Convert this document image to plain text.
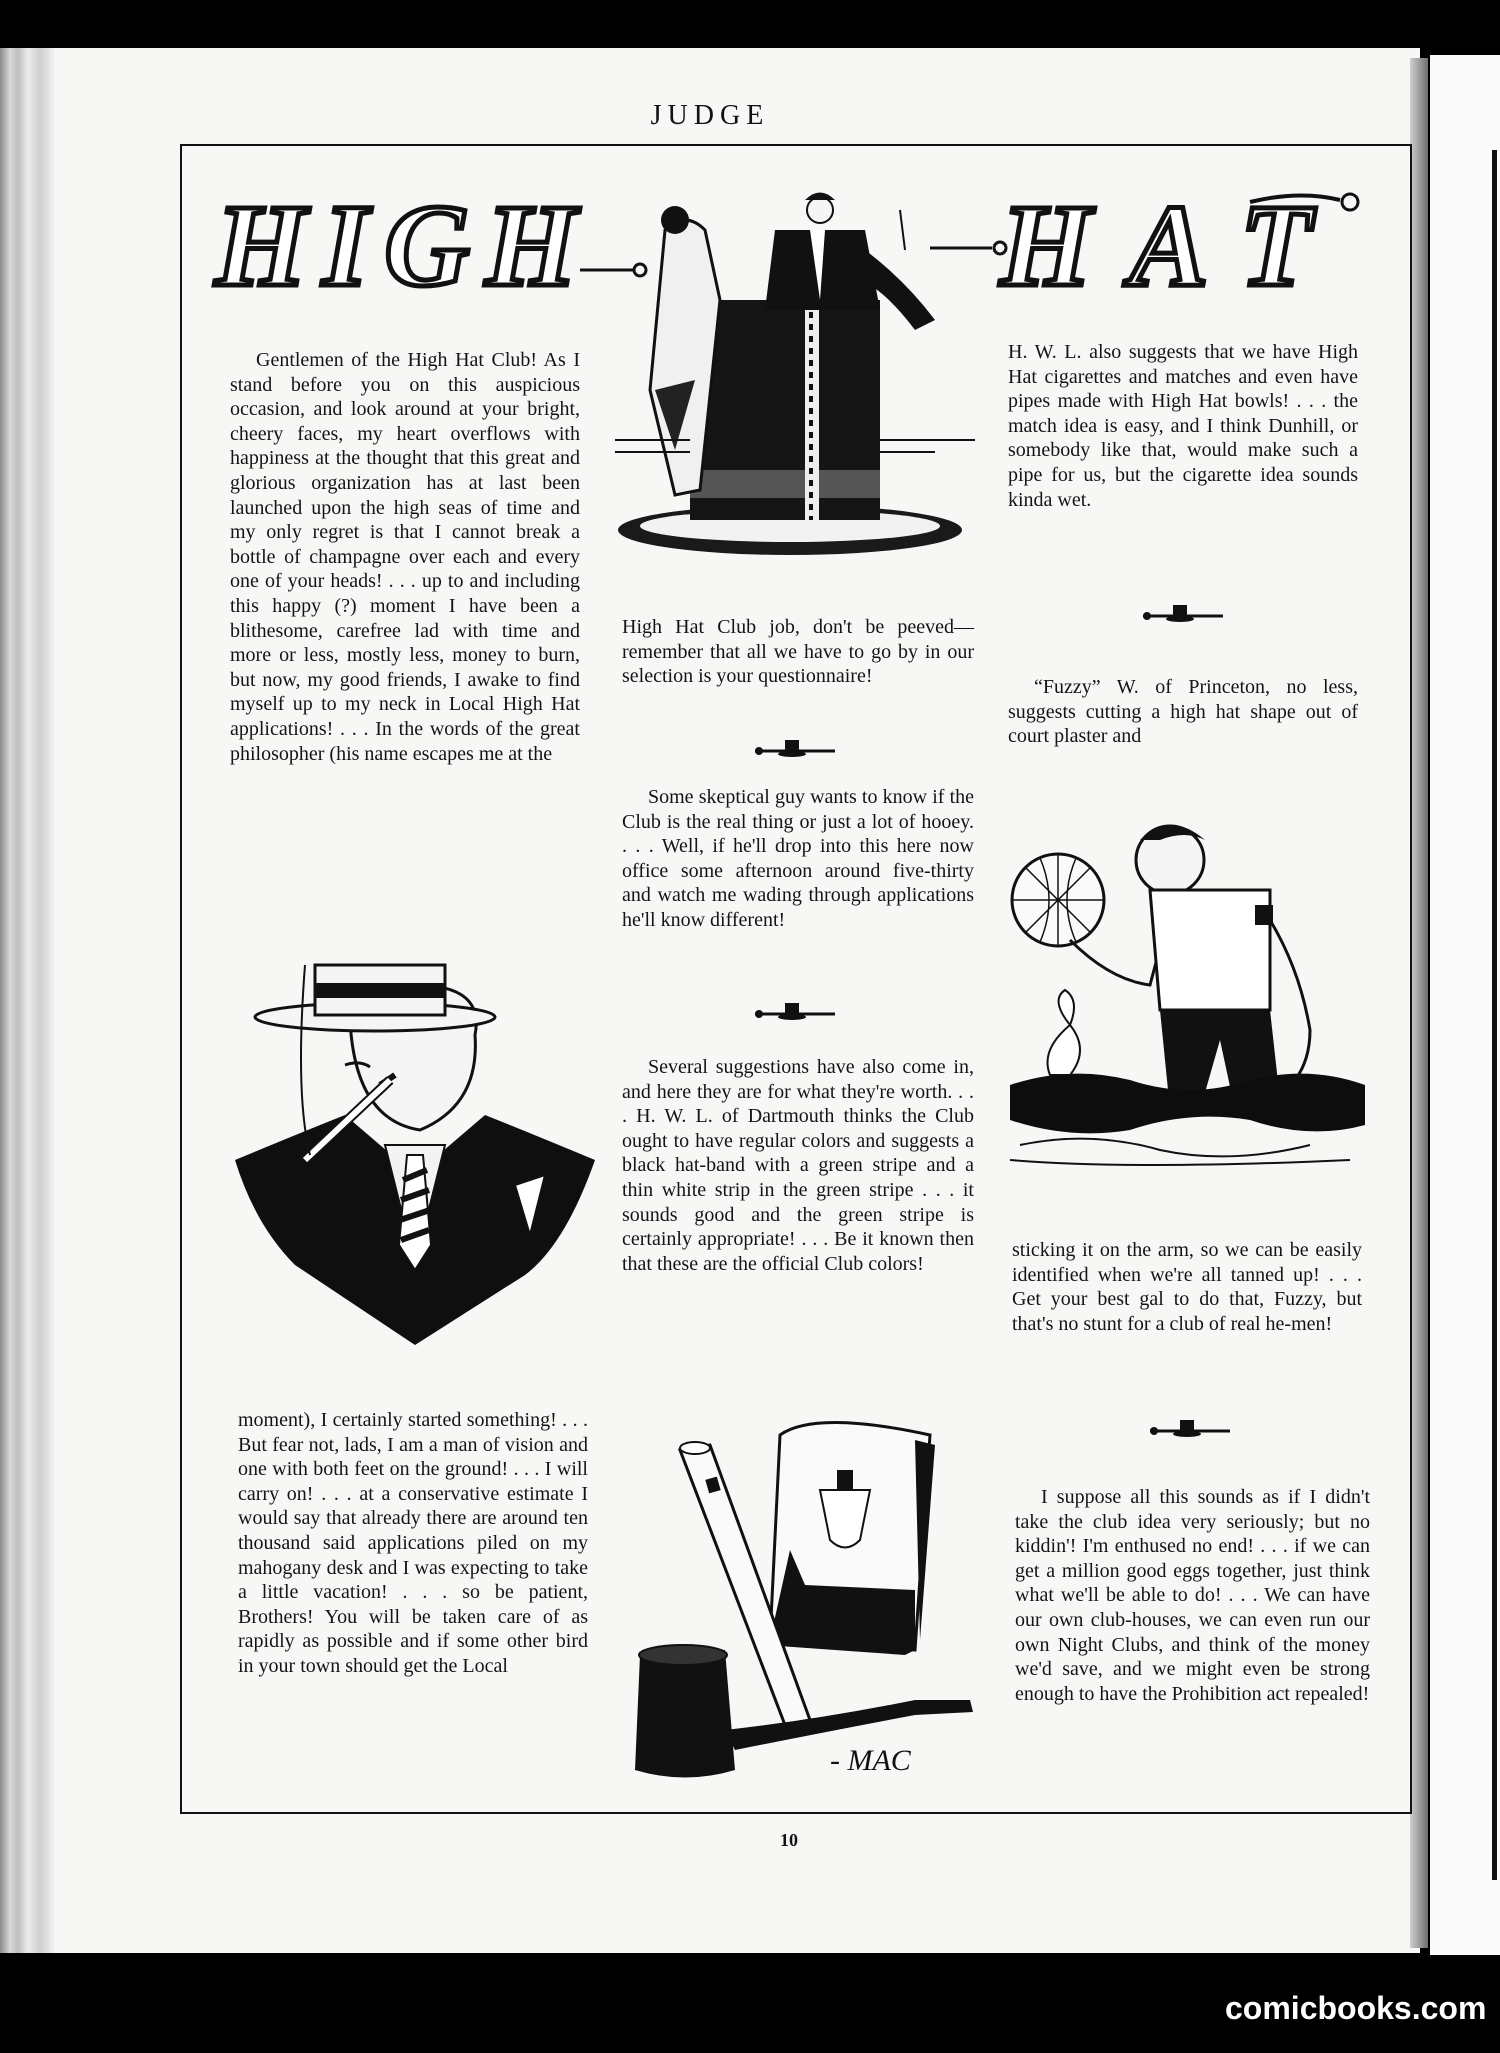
JUDGE
HIGH	HAT

Gentlemen of the High Hat Club! As I stand before you on this auspicious occasion, and look around at your bright, cheery faces, my heart overflows with happiness at the thought that this great and glorious organization has at last been launched upon the high seas of time and my only regret is that I cannot break a bottle of champagne over each and every one of your heads! . . . up to and including this happy (?) moment I have been a blithesome, carefree lad with time and more or less, mostly less, money to burn, but now, my good friends, I awake to find myself up to my neck in Local High Hat applications! . . . In the words of the great philosopher (his name escapes me at the

moment), I certainly started something! . . . But fear not, lads, I am a man of vision and one with both feet on the ground! . . . I will carry on! . . . at a conservative estimate I would say that already there are around ten thousand said applications piled on my mahogany desk and I was expecting to take a little vacation! . . . so be patient, Brothers! You will be taken care of as rapidly as possible and if some other bird in your town should get the Local

High Hat Club job, don't be peeved—remember that all we have to go by in our selection is your questionnaire!

Some skeptical guy wants to know if the Club is the real thing or just a lot of hooey. . . . Well, if he'll drop into this here now office some afternoon around five-thirty and watch me wading through applications he'll know different!

Several suggestions have also come in, and here they are for what they're worth. . . . H. W. L. of Dartmouth thinks the Club ought to have regular colors and suggests a black hat-band with a green stripe and a thin white strip in the green stripe . . . it sounds good and the green stripe is certainly appropriate! . . . Be it known then that these are the official Club colors!

H. W. L. also suggests that we have High Hat cigarettes and matches and even have pipes made with High Hat bowls! . . . the match idea is easy, and I think Dunhill, or somebody like that, would make such a pipe for us, but the cigarette idea sounds kinda wet.

“Fuzzy” W. of Princeton, no less, suggests cutting a high hat shape out of court plaster and

sticking it on the arm, so we can be easily identified when we're all tanned up! . . . Get your best gal to do that, Fuzzy, but that's no stunt for a club of real he-men!

I suppose all this sounds as if I didn't take the club idea very seriously; but no kiddin'! I'm enthused no end! . . . if we can get a million good eggs together, just think what we'll be able to do! . . . We can have our own club-houses, we can even run our own Night Clubs, and think of the money we'd save, and we might even be strong enough to have the Prohibition act repealed!

- MAC
10
comicbooks.com
